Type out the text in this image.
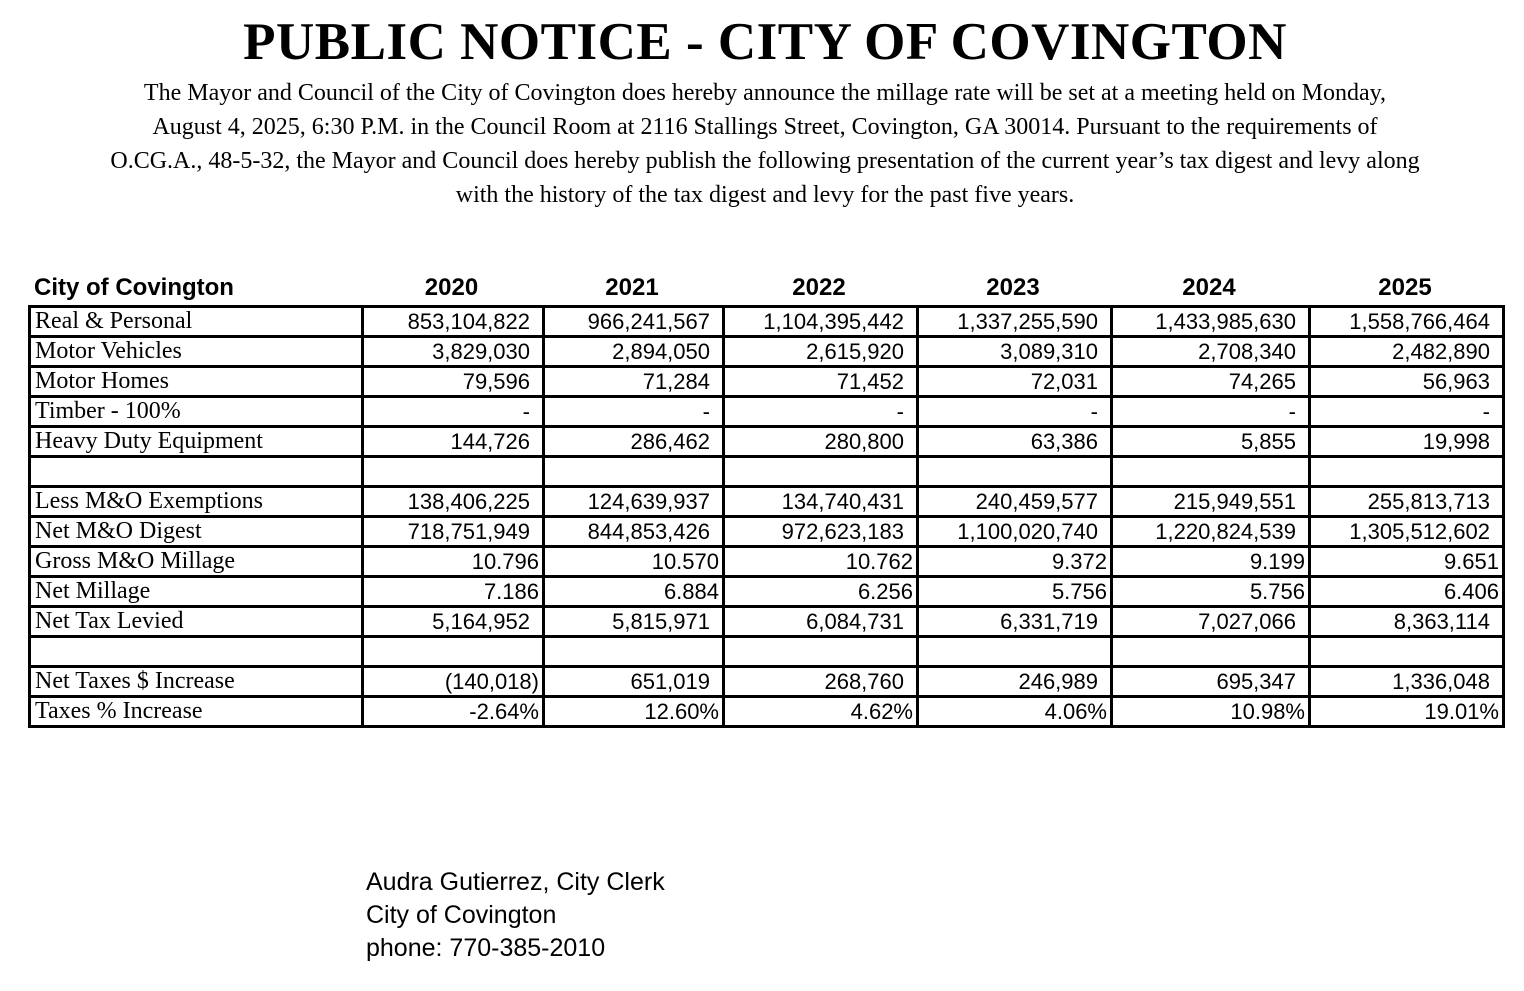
PUBLIC NOTICE - CITY OF COVINGTON
The Mayor and Council of the City of Covington does hereby announce the millage rate will be set at a meeting held on Monday,
August 4, 2025, 6:30 P.M. in the Council Room at 2116 Stallings Street, Covington, GA 30014. Pursuant to the requirements of
O.CG.A., 48-5-32, the Mayor and Council does hereby publish the following presentation of the current year’s tax digest and levy along
with the history of the tax digest and levy for the past five years.
City of Covington	2020	2021	2022	2023	2024	2025
Real & Personal	853,104,822	966,241,567	1,104,395,442	1,337,255,590	1,433,985,630	1,558,766,464
Motor Vehicles	3,829,030	2,894,050	2,615,920	3,089,310	2,708,340	2,482,890
Motor Homes	79,596	71,284	71,452	72,031	74,265	56,963
Timber - 100%	-	-	-	-	-	-
Heavy Duty Equipment	144,726	286,462	280,800	63,386	5,855	19,998

Less M&O Exemptions	138,406,225	124,639,937	134,740,431	240,459,577	215,949,551	255,813,713
Net M&O Digest	718,751,949	844,853,426	972,623,183	1,100,020,740	1,220,824,539	1,305,512,602
Gross M&O Millage	10.796	10.570	10.762	9.372	9.199	9.651
Net Millage	7.186	6.884	6.256	5.756	5.756	6.406
Net Tax Levied	5,164,952	5,815,971	6,084,731	6,331,719	7,027,066	8,363,114

Net Taxes $ Increase	(140,018)	651,019	268,760	246,989	695,347	1,336,048
Taxes % Increase	-2.64%	12.60%	4.62%	4.06%	10.98%	19.01%
Audra Gutierrez, City Clerk
City of Covington
phone: 770-385-2010
